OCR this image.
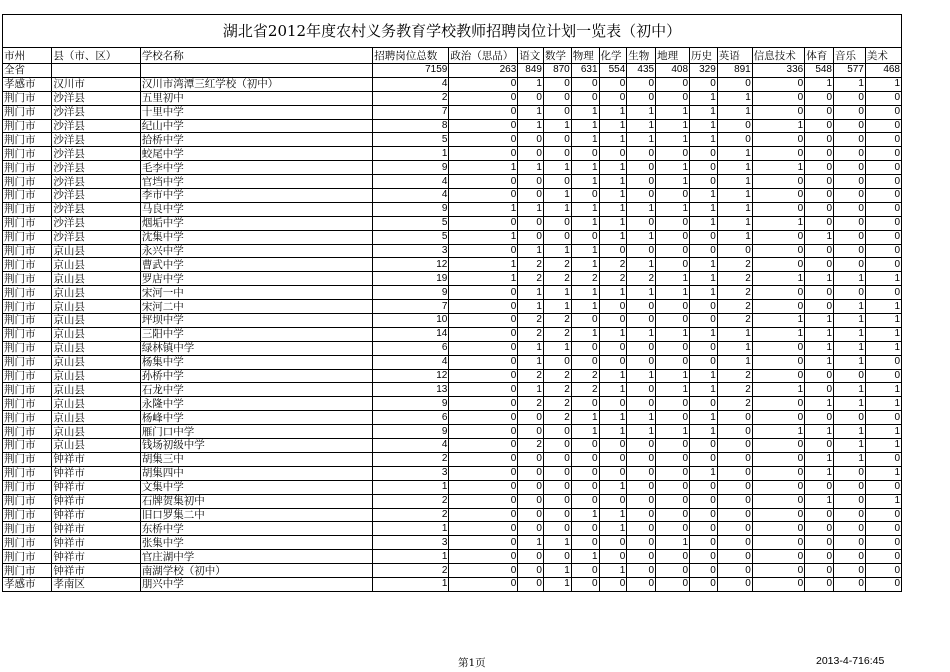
湖北省2012年度农村义务教育学校教师招聘岗位计划一览表（初中）
市州	县（市、区）	学校名称	招聘岗位总数	政治（思品）	语文	数学	物理	化学	生物	地理	历史	英语	信息技术	体育	音乐	美术
全省			7159	263	849	870	631	554	435	408	329	891	336	548	577	468
孝感市	汉川市	汉川市湾潭三红学校（初中）	4	0	1	0	0	0	0	0	0	0	0	1	1	1
荆门市	沙洋县	五里初中	2	0	0	0	0	0	0	0	1	1	0	0	0	0
荆门市	沙洋县	十里中学	7	0	1	0	1	1	1	1	1	1	0	0	0	0
荆门市	沙洋县	纪山中学	8	0	1	1	1	1	1	1	1	0	1	0	0	0
荆门市	沙洋县	拾桥中学	5	0	0	0	1	1	1	1	1	0	0	0	0	0
荆门市	沙洋县	蛟尾中学	1	0	0	0	0	0	0	0	0	1	0	0	0	0
荆门市	沙洋县	毛李中学	9	1	1	1	1	1	0	1	0	1	1	0	0	0
荆门市	沙洋县	官垱中学	4	0	0	0	1	1	0	1	0	1	0	0	0	0
荆门市	沙洋县	李市中学	4	0	0	1	0	1	0	0	1	1	0	0	0	0
荆门市	沙洋县	马良中学	9	1	1	1	1	1	1	1	1	1	0	0	0	0
荆门市	沙洋县	烟垢中学	5	0	0	0	1	1	0	0	1	1	1	0	0	0
荆门市	沙洋县	沈集中学	5	1	0	0	0	1	1	0	0	1	0	1	0	0
荆门市	京山县	永兴中学	3	0	1	1	1	0	0	0	0	0	0	0	0	0
荆门市	京山县	曹武中学	12	1	2	2	1	2	1	0	1	2	0	0	0	0
荆门市	京山县	罗店中学	19	1	2	2	2	2	2	1	1	2	1	1	1	1
荆门市	京山县	宋河一中	9	0	1	1	1	1	1	1	1	2	0	0	0	0
荆门市	京山县	宋河二中	7	0	1	1	1	0	0	0	0	2	0	0	1	1
荆门市	京山县	坪坝中学	10	0	2	2	0	0	0	0	0	2	1	1	1	1
荆门市	京山县	三阳中学	14	0	2	2	1	1	1	1	1	1	1	1	1	1
荆门市	京山县	绿林镇中学	6	0	1	1	0	0	0	0	0	1	0	1	1	1
荆门市	京山县	杨集中学	4	0	1	0	0	0	0	0	0	1	0	1	1	0
荆门市	京山县	孙桥中学	12	0	2	2	2	1	1	1	1	2	0	0	0	0
荆门市	京山县	石龙中学	13	0	1	2	2	1	0	1	1	2	1	0	1	1
荆门市	京山县	永隆中学	9	0	2	2	0	0	0	0	0	2	0	1	1	1
荆门市	京山县	杨峰中学	6	0	0	2	1	1	1	0	1	0	0	0	0	0
荆门市	京山县	雁门口中学	9	0	0	0	1	1	1	1	1	0	1	1	1	1
荆门市	京山县	钱场初级中学	4	0	2	0	0	0	0	0	0	0	0	0	1	1
荆门市	钟祥市	胡集三中	2	0	0	0	0	0	0	0	0	0	0	1	1	0
荆门市	钟祥市	胡集四中	3	0	0	0	0	0	0	0	1	0	0	1	0	1
荆门市	钟祥市	文集中学	1	0	0	0	0	1	0	0	0	0	0	0	0	0
荆门市	钟祥市	石牌贺集初中	2	0	0	0	0	0	0	0	0	0	0	1	0	1
荆门市	钟祥市	旧口罗集二中	2	0	0	0	1	1	0	0	0	0	0	0	0	0
荆门市	钟祥市	东桥中学	1	0	0	0	0	1	0	0	0	0	0	0	0	0
荆门市	钟祥市	张集中学	3	0	1	1	0	0	0	1	0	0	0	0	0	0
荆门市	钟祥市	官庄湖中学	1	0	0	0	1	0	0	0	0	0	0	0	0	0
荆门市	钟祥市	南湖学校（初中）	2	0	0	1	0	1	0	0	0	0	0	0	0	0
孝感市	孝南区	朋兴中学	1	0	0	1	0	0	0	0	0	0	0	0	0	0
第1页	2013-4-716:45
